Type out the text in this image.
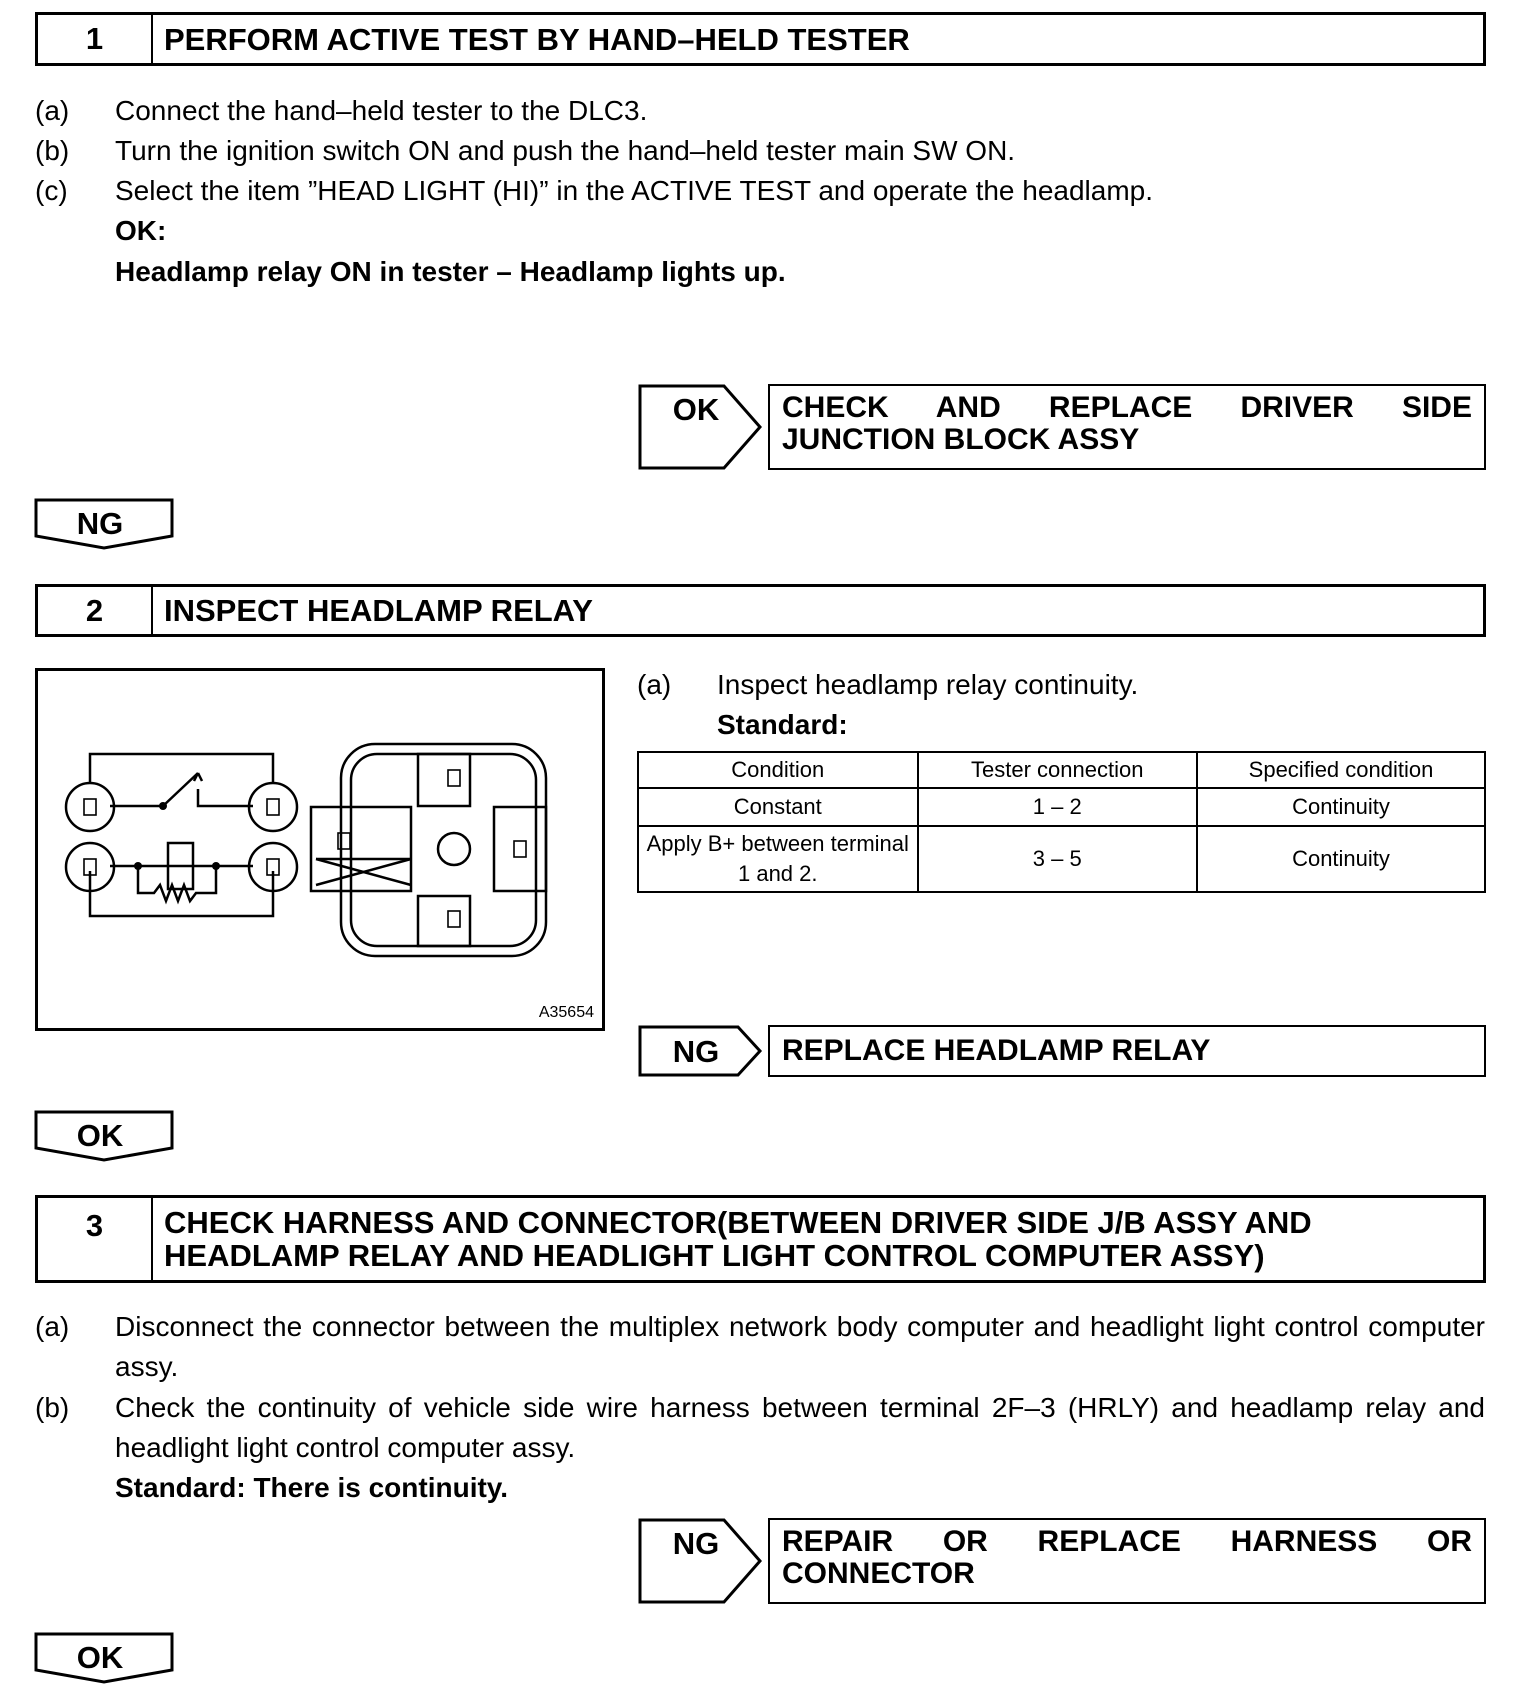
1	PERFORM ACTIVE TEST BY HAND–HELD TESTER
(a)	Connect the hand–held tester to the DLC3.
(b)	Turn the ignition switch ON and push the hand–held tester main SW ON.
(c)	Select the item ”HEAD LIGHT (HI)” in the ACTIVE TEST and operate the headlamp.
OK:
Headlamp relay ON in tester – Headlamp lights up.
OK CHECK AND REPLACE DRIVER SIDE
JUNCTION BLOCK ASSY
NG
2	INSPECT HEADLAMP RELAY
A35654
(a)	Inspect headlamp relay continuity.
Standard:
Condition	Tester connection	Specified condition
Constant	1 – 2	Continuity
Apply B+ between terminal 1 and 2.	3 – 5	Continuity
NG REPLACE HEADLAMP RELAY
OK
3	CHECK HARNESS AND CONNECTOR(BETWEEN DRIVER SIDE J/B ASSY AND
HEADLAMP RELAY AND HEADLIGHT LIGHT CONTROL COMPUTER ASSY)
(a)	Disconnect the connector between the multiplex network body computer and headlight light control computer assy.
(b)	Check the continuity of vehicle side wire harness between terminal 2F–3 (HRLY) and headlamp relay and headlight light control computer assy.
Standard: There is continuity.
NG REPAIR OR REPLACE HARNESS OR
CONNECTOR
OK
